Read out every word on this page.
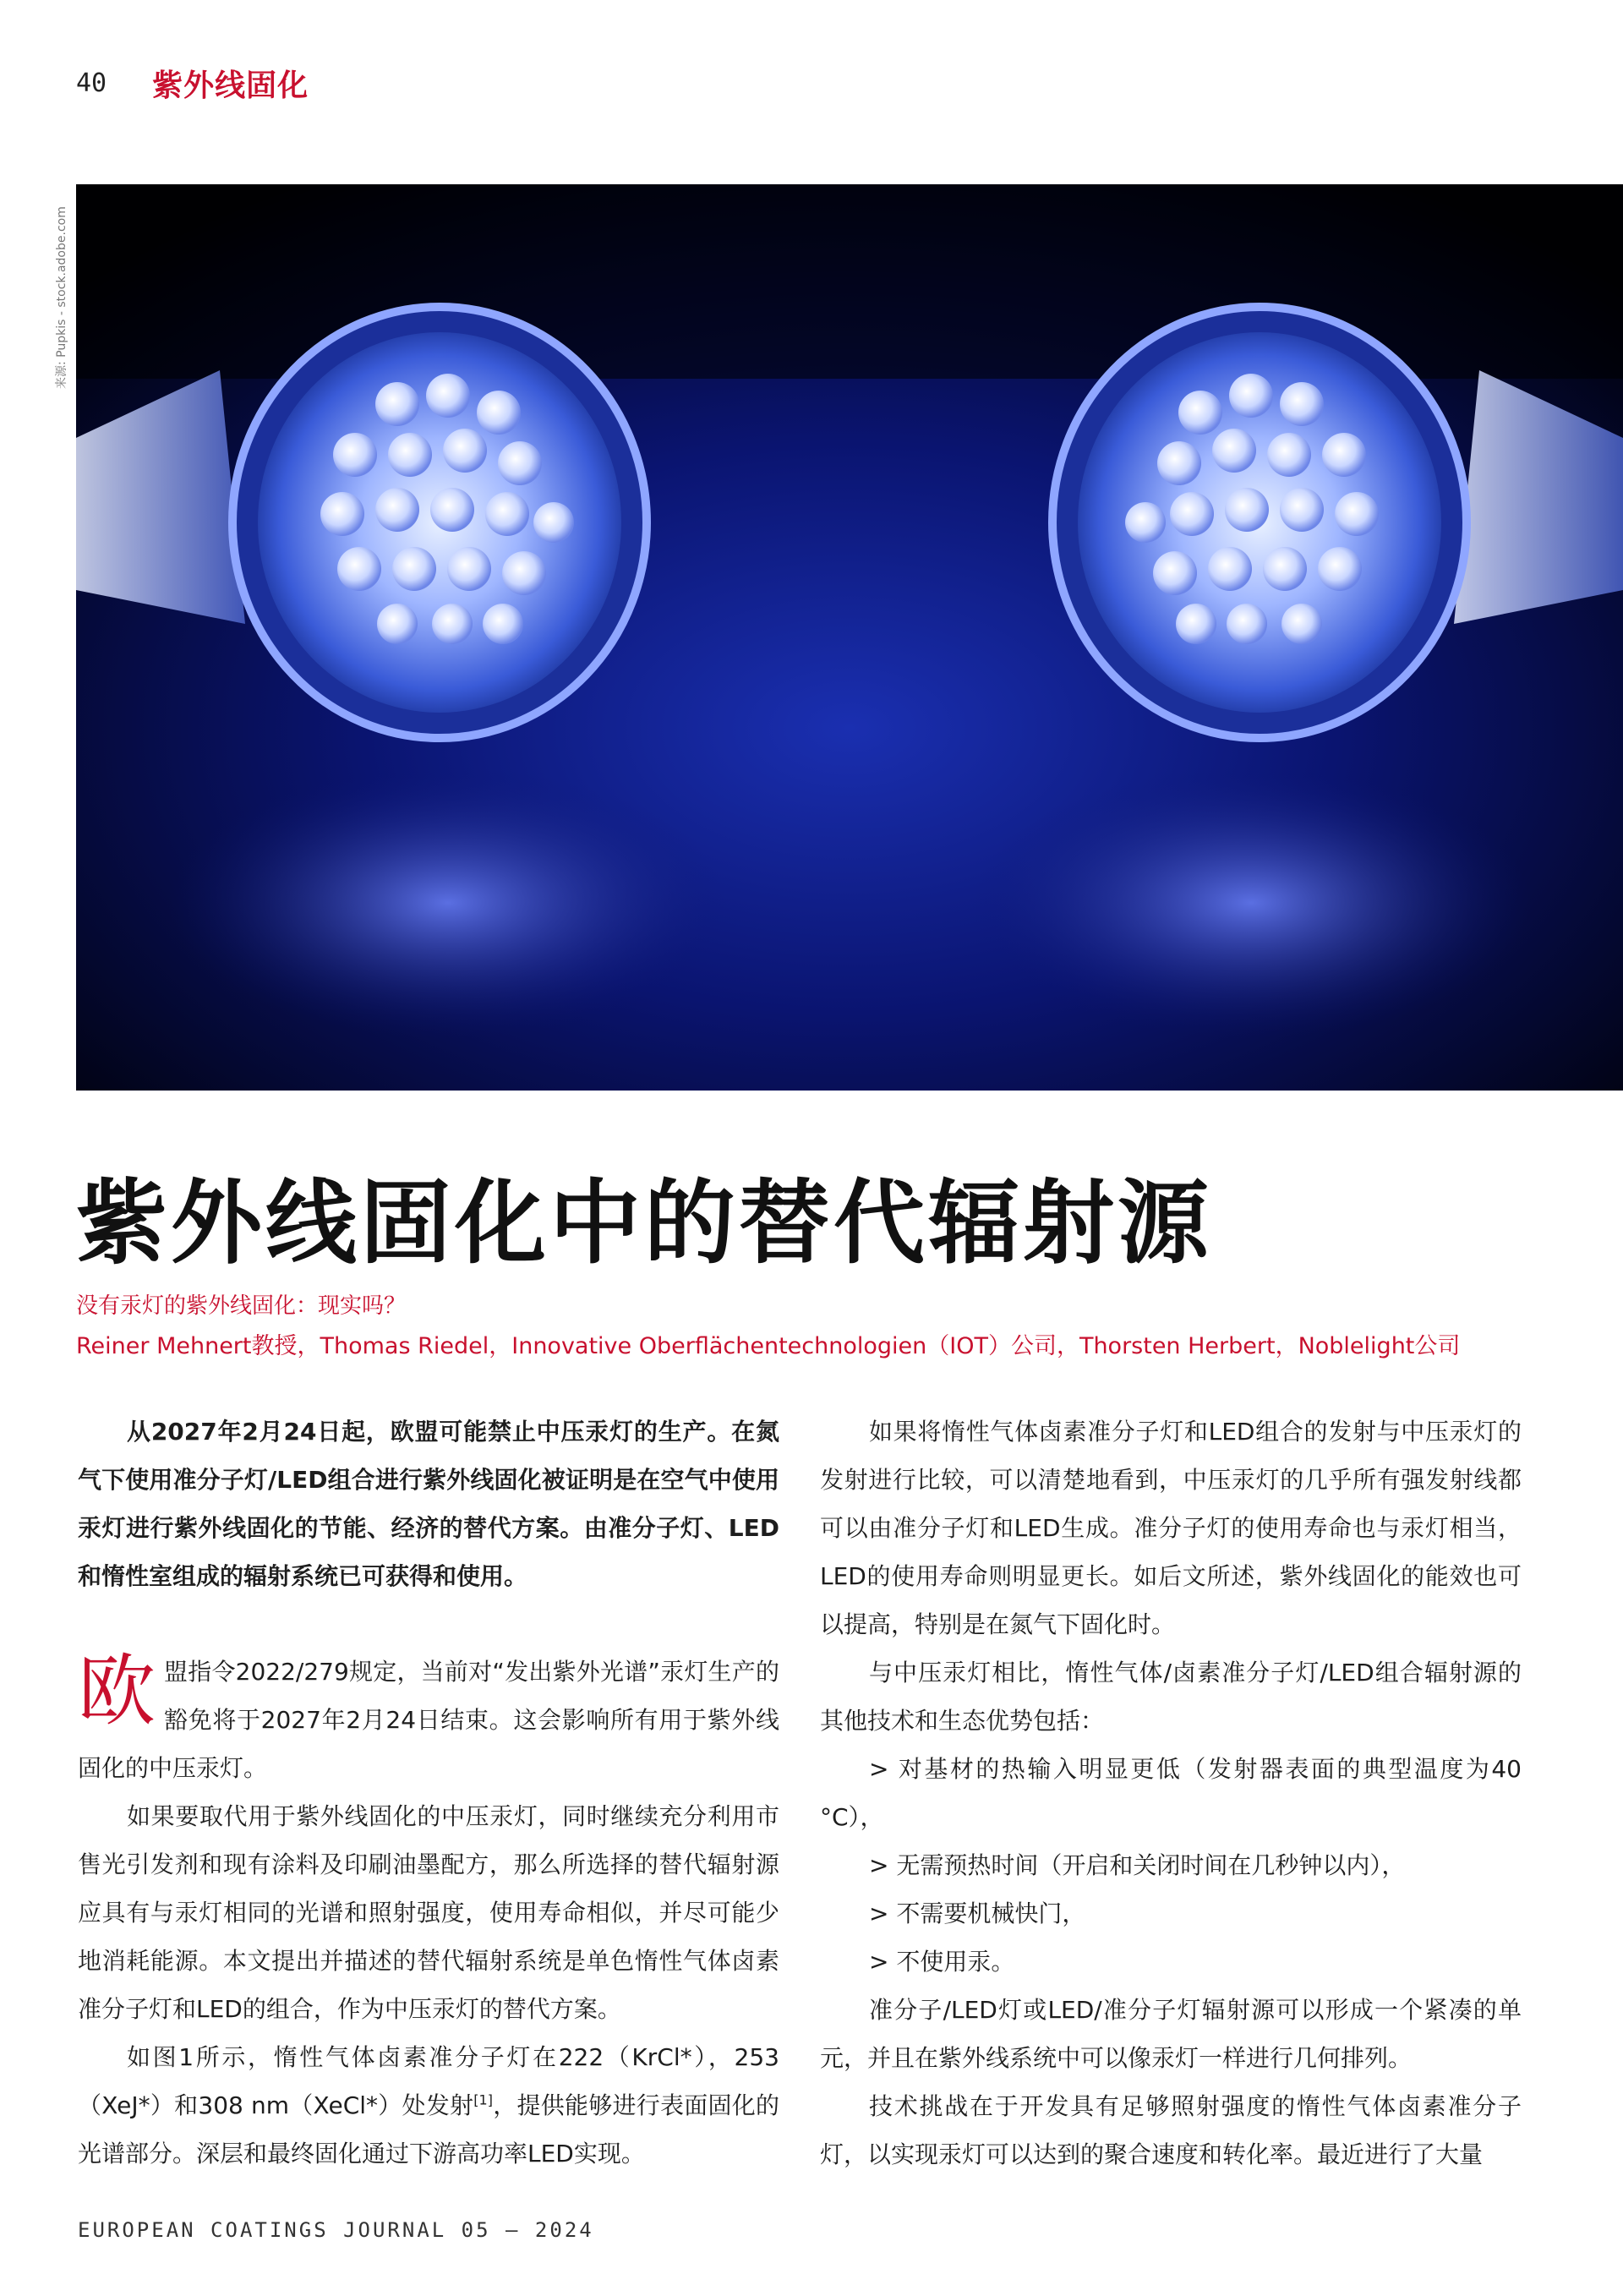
40 紫外线固化
来源: Pupkis - stock.adobe.com
紫外线固化中的替代辐射源
没有汞灯的紫外线固化：现实吗？
Reiner Mehnert教授，Thomas Riedel，Innovative Oberflächentechnologien（IOT）公司，Thorsten Herbert，Noblelight公司

从2027年2月24日起，欧盟可能禁止中压汞灯的生产。在氮气下使用准分子灯/LED组合进行紫外线固化被证明是在空气中使用汞灯进行紫外线固化的节能、经济的替代方案。由准分子灯、LED和惰性室组成的辐射系统已可获得和使用。

欧盟指令2022/279规定，当前对“发出紫外光谱”汞灯生产的豁免将于2027年2月24日结束。这会影响所有用于紫外线固化的中压汞灯。

如果要取代用于紫外线固化的中压汞灯，同时继续充分利用市售光引发剂和现有涂料及印刷油墨配方，那么所选择的替代辐射源应具有与汞灯相同的光谱和照射强度，使用寿命相似，并尽可能少地消耗能源。本文提出并描述的替代辐射系统是单色惰性气体卤素准分子灯和LED的组合，作为中压汞灯的替代方案。

如图1所示，惰性气体卤素准分子灯在222（KrCl*），253（XeJ*）和308 nm（XeCl*）处发射[1]，提供能够进行表面固化的光谱部分。深层和最终固化通过下游高功率LED实现。

如果将惰性气体卤素准分子灯和LED组合的发射与中压汞灯的发射进行比较，可以清楚地看到，中压汞灯的几乎所有强发射线都可以由准分子灯和LED生成。准分子灯的使用寿命也与汞灯相当，LED的使用寿命则明显更长。如后文所述，紫外线固化的能效也可以提高，特别是在氮气下固化时。

与中压汞灯相比，惰性气体/卤素准分子灯/LED组合辐射源的其他技术和生态优势包括：

> 对基材的热输入明显更低（发射器表面的典型温度为40 °C），

> 无需预热时间（开启和关闭时间在几秒钟以内），

> 不需要机械快门，

> 不使用汞。

准分子/LED灯或LED/准分子灯辐射源可以形成一个紧凑的单元，并且在紫外线系统中可以像汞灯一样进行几何排列。

技术挑战在于开发具有足够照射强度的惰性气体卤素准分子灯，以实现汞灯可以达到的聚合速度和转化率。最近进行了大量

EUROPEAN COATINGS JOURNAL 05 – 2024
